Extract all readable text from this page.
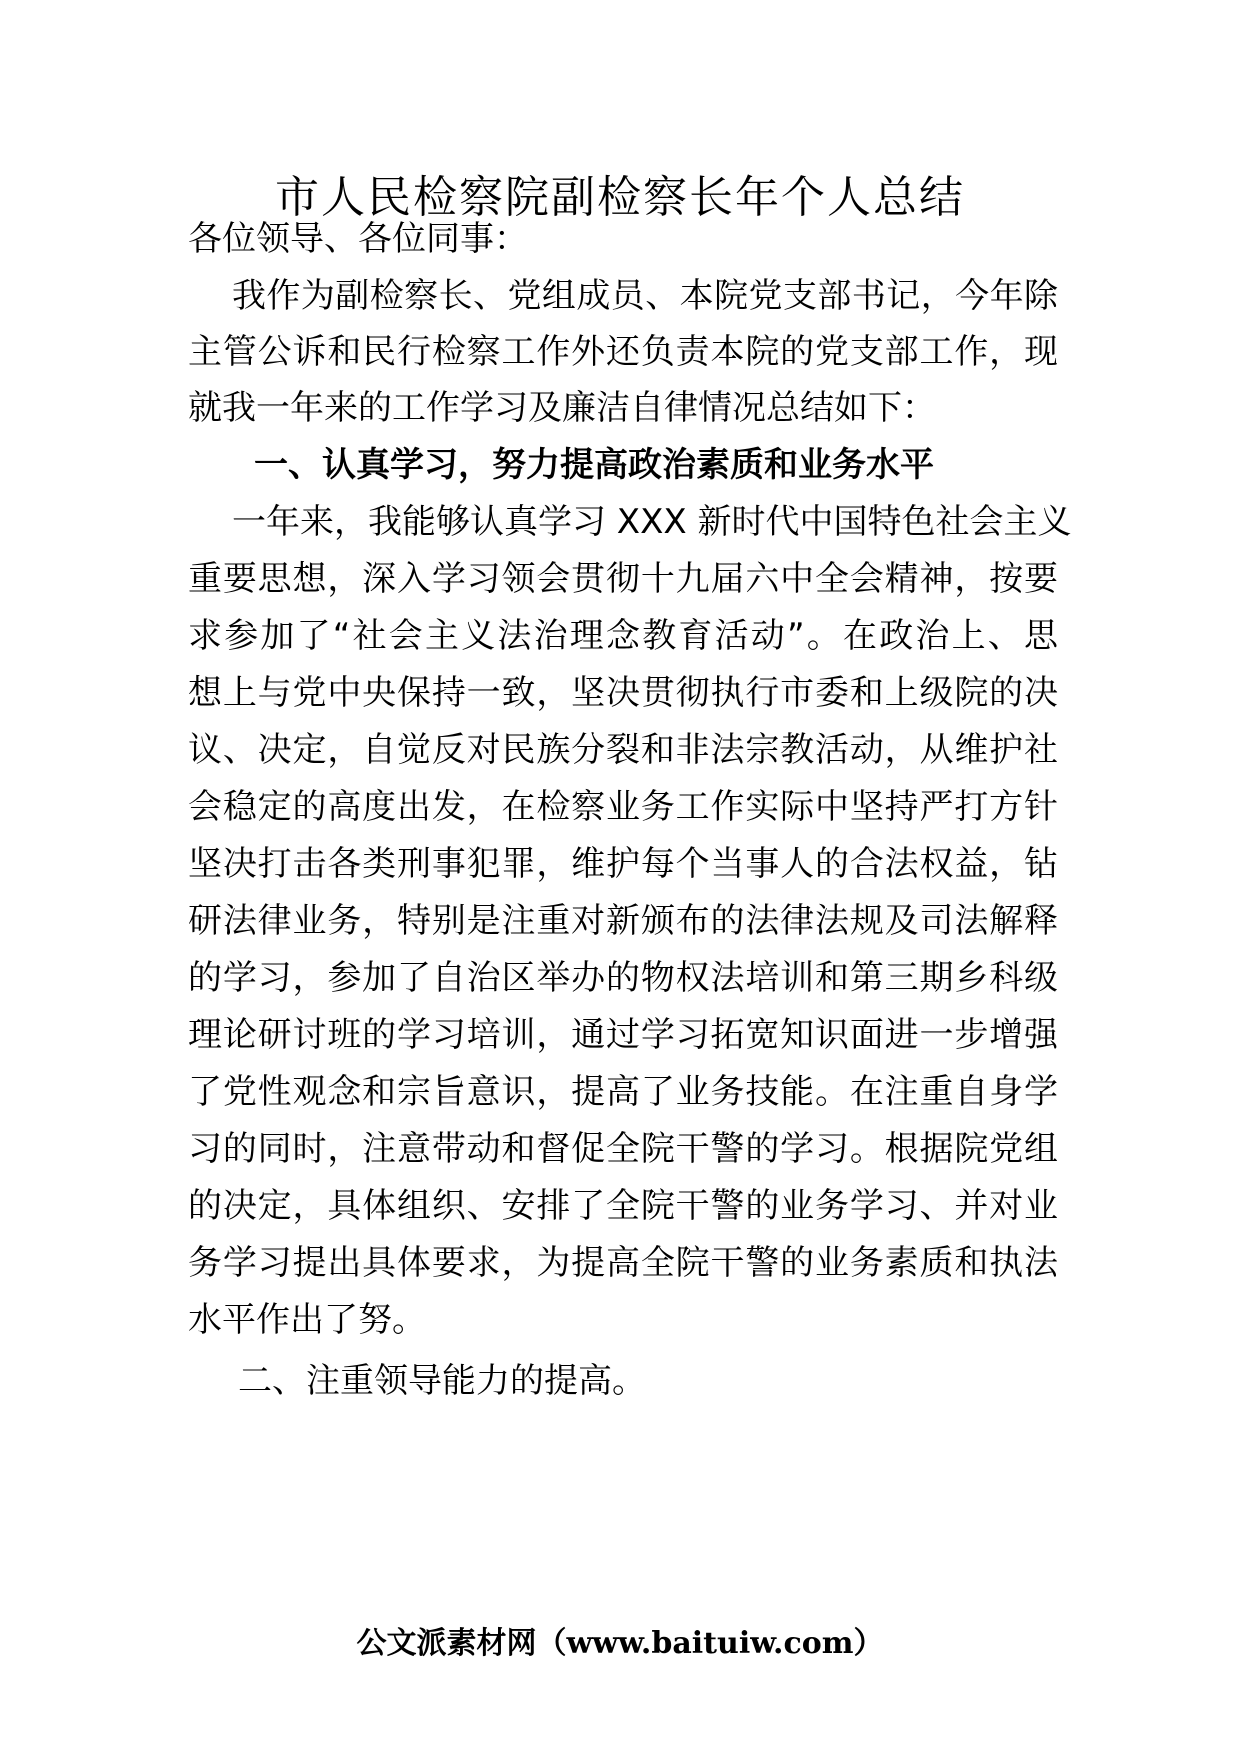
市人民检察院副检察长年个人总结
各位领导、各位同事：
我作为副检察长、党组成员、本院党支部书记，今年除
主管公诉和民行检察工作外还负责本院的党支部工作，现
就我一年来的工作学习及廉洁自律情况总结如下：
一、认真学习，努力提高政治素质和业务水平
一年来，我能够认真学习 XXX 新时代中国特色社会主义
重要思想，深入学习领会贯彻十九届六中全会精神，按要
求参加了“社会主义法治理念教育活动”。在政治上、思
想上与党中央保持一致，坚决贯彻执行市委和上级院的决
议、决定，自觉反对民族分裂和非法宗教活动，从维护社
会稳定的高度出发，在检察业务工作实际中坚持严打方针
坚决打击各类刑事犯罪，维护每个当事人的合法权益，钻
研法律业务，特别是注重对新颁布的法律法规及司法解释
的学习，参加了自治区举办的物权法培训和第三期乡科级
理论研讨班的学习培训，通过学习拓宽知识面进一步增强
了党性观念和宗旨意识，提高了业务技能。在注重自身学
习的同时，注意带动和督促全院干警的学习。根据院党组
的决定，具体组织、安排了全院干警的业务学习、并对业
务学习提出具体要求，为提高全院干警的业务素质和执法
水平作出了努。
二、注重领导能力的提高。
公文派素材网（www.baituiw.com）
